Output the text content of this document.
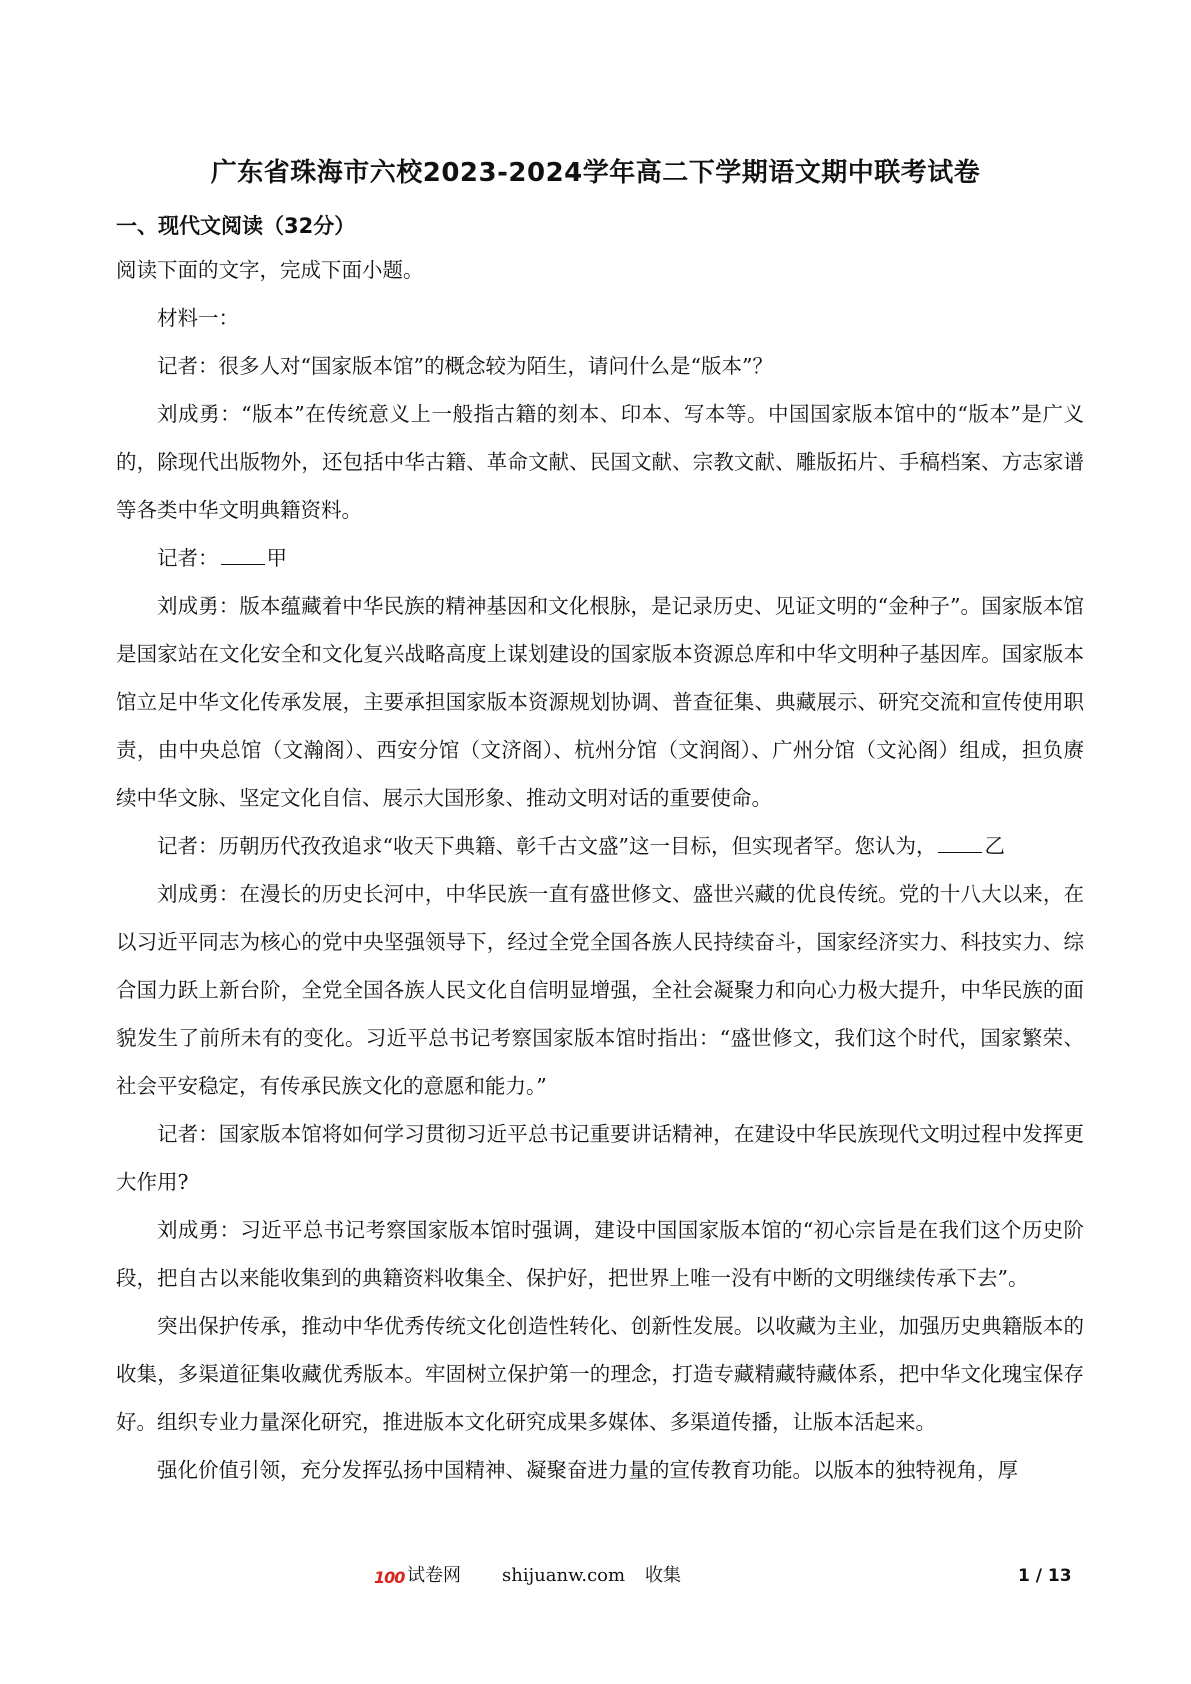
广东省珠海市六校2023-2024学年高二下学期语文期中联考试卷
一、现代文阅读（32分）

阅读下面的文字，完成下面小题。

材料一：

记者：很多人对“国家版本馆”的概念较为陌生，请问什么是“版本”？

刘成勇：“版本”在传统意义上一般指古籍的刻本、印本、写本等。中国国家版本馆中的“版本”是广义的，除现代出版物外，还包括中华古籍、革命文献、民国文献、宗教文献、雕版拓片、手稿档案、方志家谱等各类中华文明典籍资料。

记者： 甲

刘成勇：版本蕴藏着中华民族的精神基因和文化根脉，是记录历史、见证文明的“金种子”。国家版本馆是国家站在文化安全和文化复兴战略高度上谋划建设的国家版本资源总库和中华文明种子基因库。国家版本馆立足中华文化传承发展，主要承担国家版本资源规划协调、普查征集、典藏展示、研究交流和宣传使用职责，由中央总馆（文瀚阁）、西安分馆（文济阁）、杭州分馆（文润阁）、广州分馆（文沁阁）组成，担负赓续中华文脉、坚定文化自信、展示大国形象、推动文明对话的重要使命。

记者：历朝历代孜孜追求“收天下典籍、彰千古文盛”这一目标，但实现者罕。您认为， 乙

刘成勇：在漫长的历史长河中，中华民族一直有盛世修文、盛世兴藏的优良传统。党的十八大以来，在以习近平同志为核心的党中央坚强领导下，经过全党全国各族人民持续奋斗，国家经济实力、科技实力、综合国力跃上新台阶，全党全国各族人民文化自信明显增强，全社会凝聚力和向心力极大提升，中华民族的面貌发生了前所未有的变化。习近平总书记考察国家版本馆时指出：“盛世修文，我们这个时代，国家繁荣、社会平安稳定，有传承民族文化的意愿和能力。”

记者：国家版本馆将如何学习贯彻习近平总书记重要讲话精神，在建设中华民族现代文明过程中发挥更大作用?

刘成勇：习近平总书记考察国家版本馆时强调，建设中国国家版本馆的“初心宗旨是在我们这个历史阶段，把自古以来能收集到的典籍资料收集全、保护好，把世界上唯一没有中断的文明继续传承下去”。

突出保护传承，推动中华优秀传统文化创造性转化、创新性发展。以收藏为主业，加强历史典籍版本的收集，多渠道征集收藏优秀版本。牢固树立保护第一的理念，打造专藏精藏特藏体系，把中华文化瑰宝保存好。组织专业力量深化研究，推进版本文化研究成果多媒体、多渠道传播，让版本活起来。

强化价值引领，充分发挥弘扬中国精神、凝聚奋进力量的宣传教育功能。以版本的独特视角，厚

100 试卷网 shijuanw.com 收集	1 / 13
